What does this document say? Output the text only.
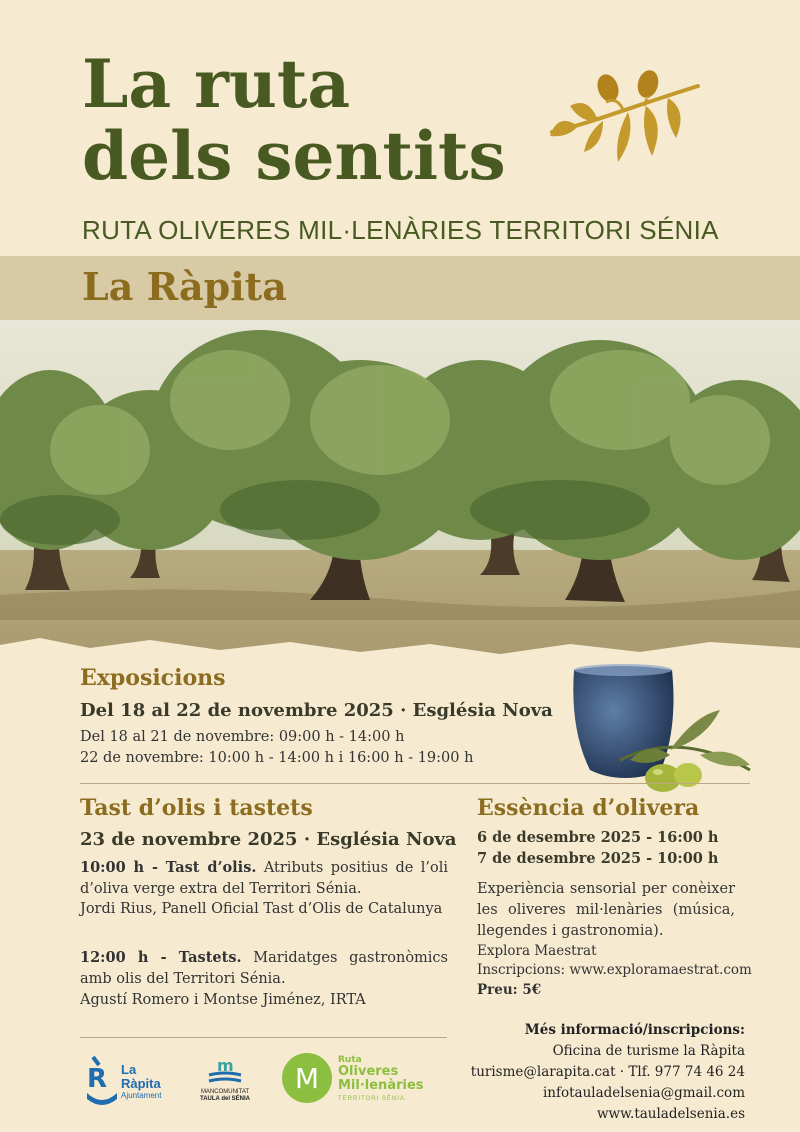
La ruta
dels sentits
RUTA OLIVERES MIL·LENÀRIES TERRITORI SÉNIA
La Ràpita
Exposicions
Del 18 al 22 de novembre 2025 · Església Nova
Del 18 al 21 de novembre: 09:00 h - 14:00 h
22 de novembre: 10:00 h - 14:00 h i 16:00 h - 19:00 h
Tast d’olis i tastets
23 de novembre 2025 · Església Nova
10:00 h - Tast d’olis. Atributs positius de l’oli d’oliva verge extra del Territori Sénia.
Jordi Rius, Panell Oficial Tast d’Olis de Catalunya
12:00 h - Tastets. Maridatges gastronòmics amb olis del Territori Sénia.
Agustí Romero i Montse Jiménez, IRTA
Essència d’olivera
6 de desembre 2025 - 16:00 h
7 de desembre 2025 - 10:00 h
Experiència sensorial per conèixer les oliveres mil·lenàries (música, llegendes i gastronomia).
Explora Maestrat
Inscripcions: www.exploramaestrat.com
Preu: 5€
R La Ràpita
Ajuntament
m
MANCOMUNITAT
TAULA del SÉNIA
M
Ruta
Oliveres
Mil·lenàries
TERRITORI SÉNIA
Més informació/inscripcions:
Oficina de turisme la Ràpita
turisme@larapita.cat · Tlf. 977 74 46 24
infotauladelsenia@gmail.com
www.tauladelsenia.es
